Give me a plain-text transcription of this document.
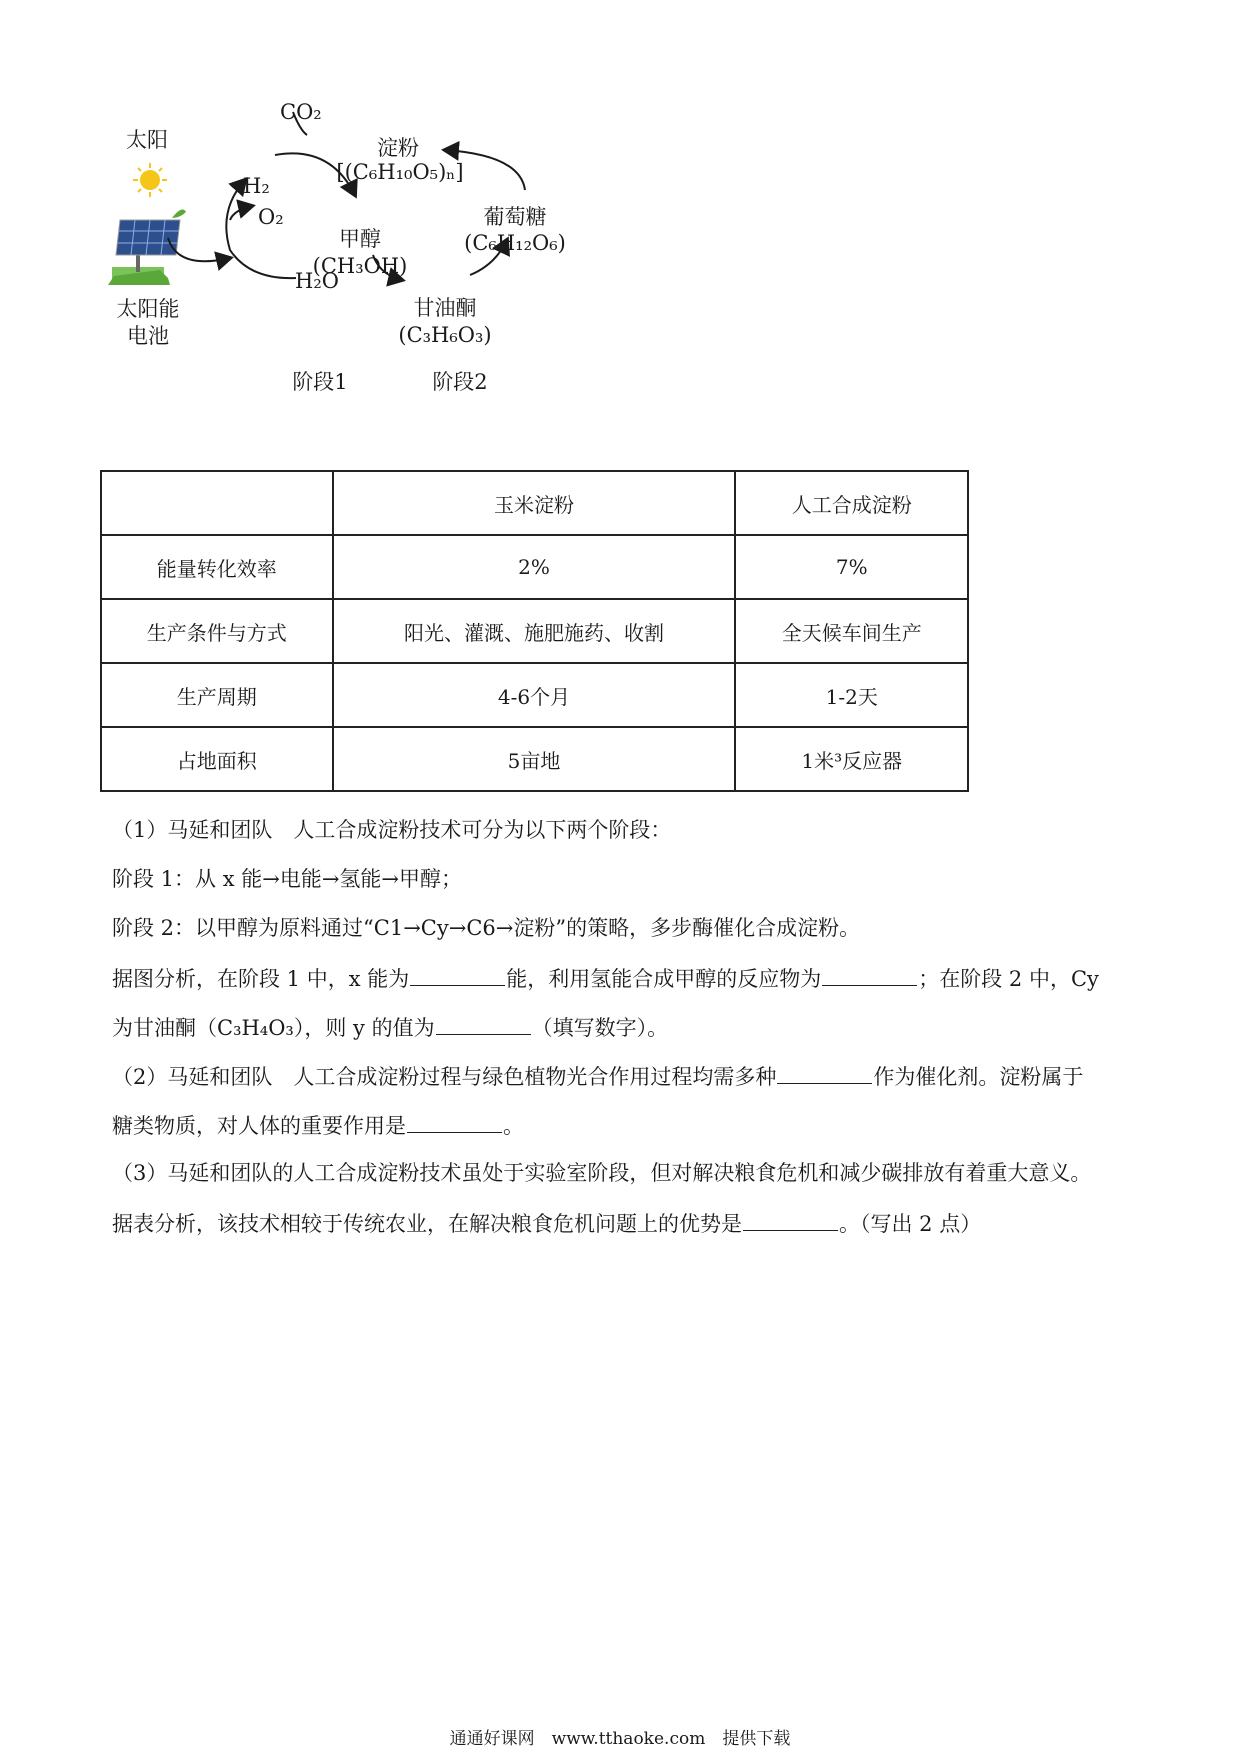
太阳
太阳能
电池
CO₂
H₂
O₂
H₂O
甲醇
(CH₃OH)
淀粉
[(C₆H₁₀O₅)ₙ]
葡萄糖
(C₆H₁₂O₆)
甘油酮
(C₃H₆O₃)
阶段1	阶段2
	玉米淀粉	人工合成淀粉
能量转化效率	2%	7%
生产条件与方式	阳光、灌溉、施肥施药、收割	全天候车间生产
生产周期	4-6个月	1-2天
占地面积	5亩地	1米³反应器
（1）马延和团队　人工合成淀粉技术可分为以下两个阶段：
阶段 1：从 x 能→电能→氢能→甲醇；
阶段 2：以甲醇为原料通过“C1→Cy→C6→淀粉”的策略，多步酶催化合成淀粉。
据图分析，在阶段 1 中，x 能为	能，利用氢能合成甲醇的反应物为	；在阶段 2 中，Cy
为甘油酮（C₃H₄O₃），则 y 的值为	（填写数字）。
（2）马延和团队　人工合成淀粉过程与绿色植物光合作用过程均需多种	作为催化剂。淀粉属于
糖类物质，对人体的重要作用是	。
（3）马延和团队的人工合成淀粉技术虽处于实验室阶段，但对解决粮食危机和减少碳排放有着重大意义。
据表分析，该技术相较于传统农业，在解决粮食危机问题上的优势是	。（写出 2 点）
通通好课网　www.tthaoke.com　提供下载
